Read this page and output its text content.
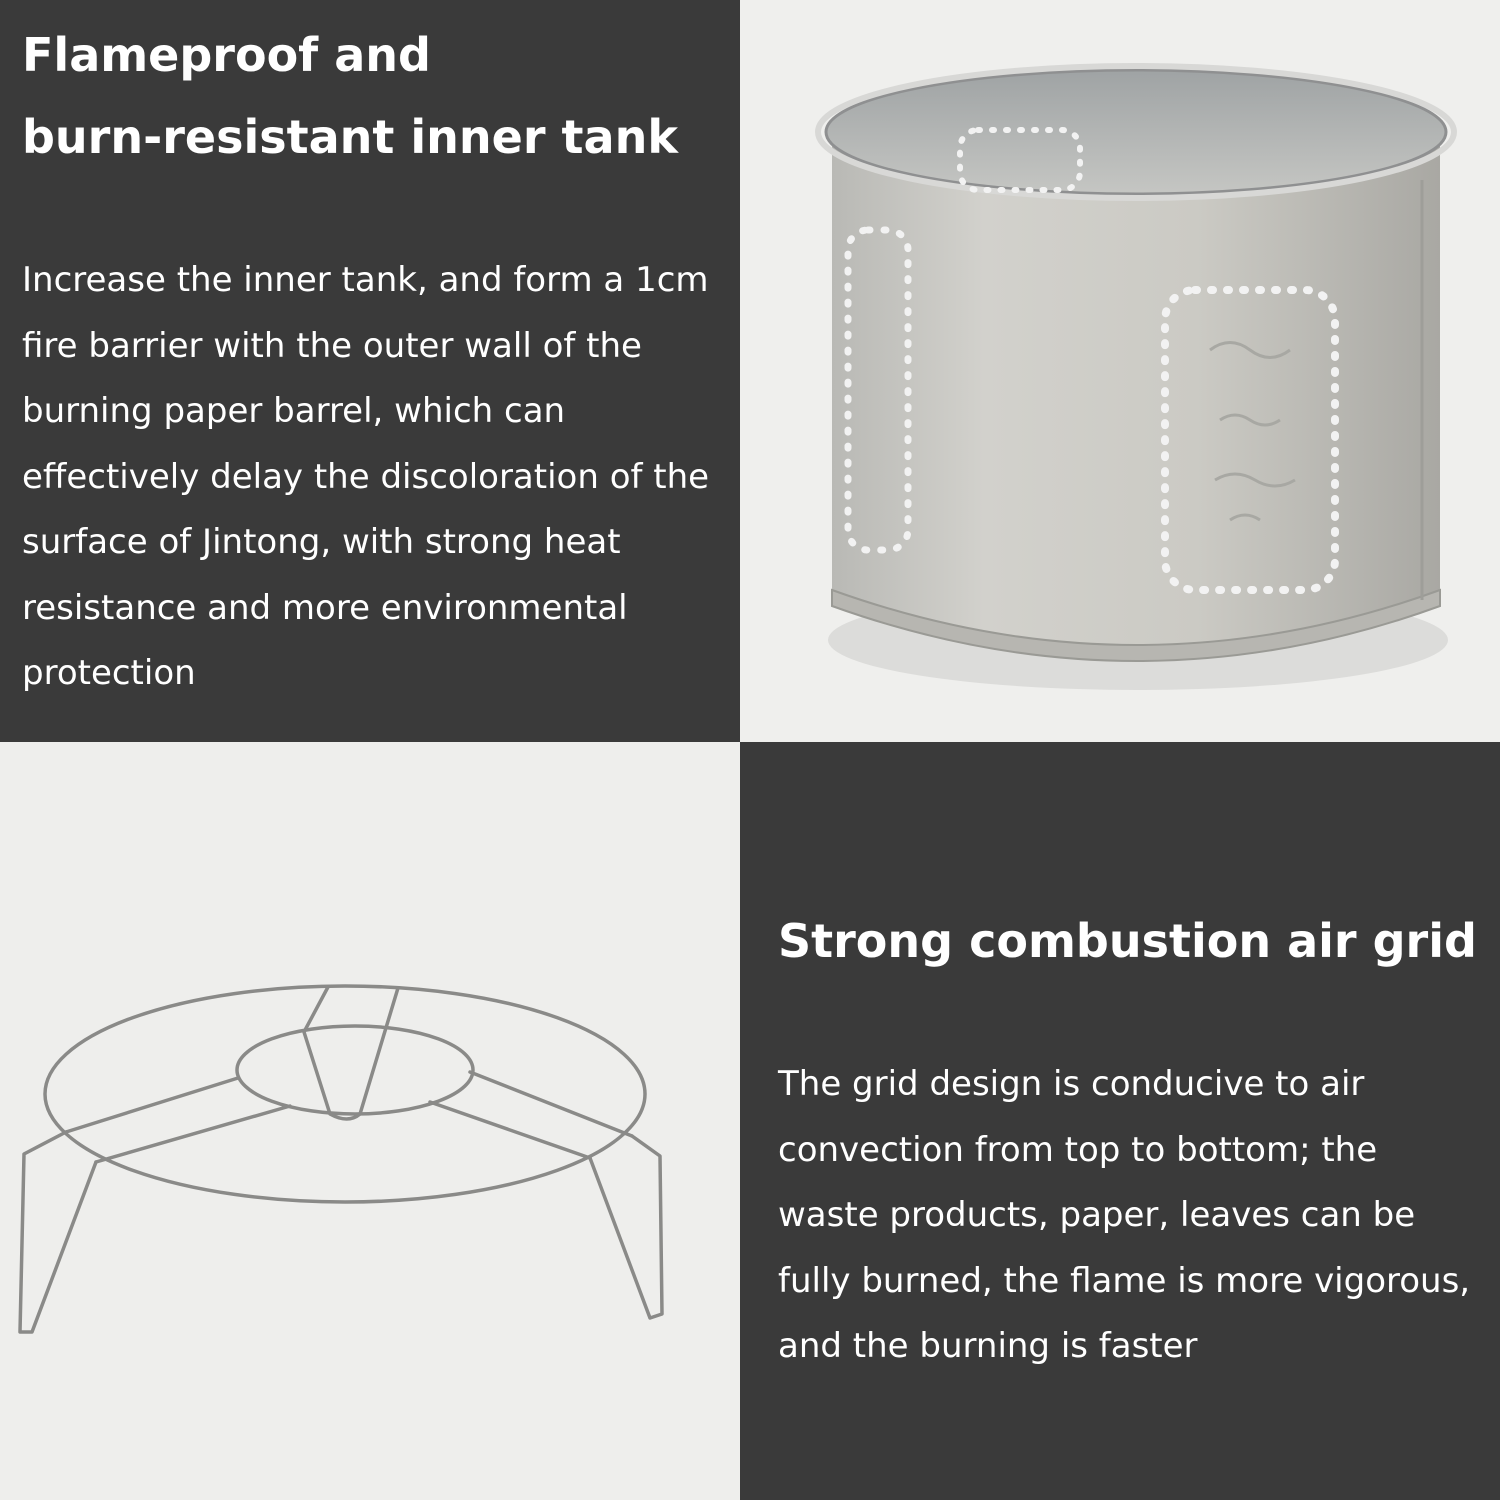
Flameproof and

burn-resistant inner tank

Increase the inner tank, and form a 1cm fire barrier with the outer wall of the burning paper barrel, which can effectively delay the discoloration of the surface of Jintong, with strong heat resistance and more environmental protection

Strong combustion air grid

The grid design is conducive to air convection from top to bottom; the waste products, paper, leaves can be fully burned, the flame is more vigorous, and the burning is faster
